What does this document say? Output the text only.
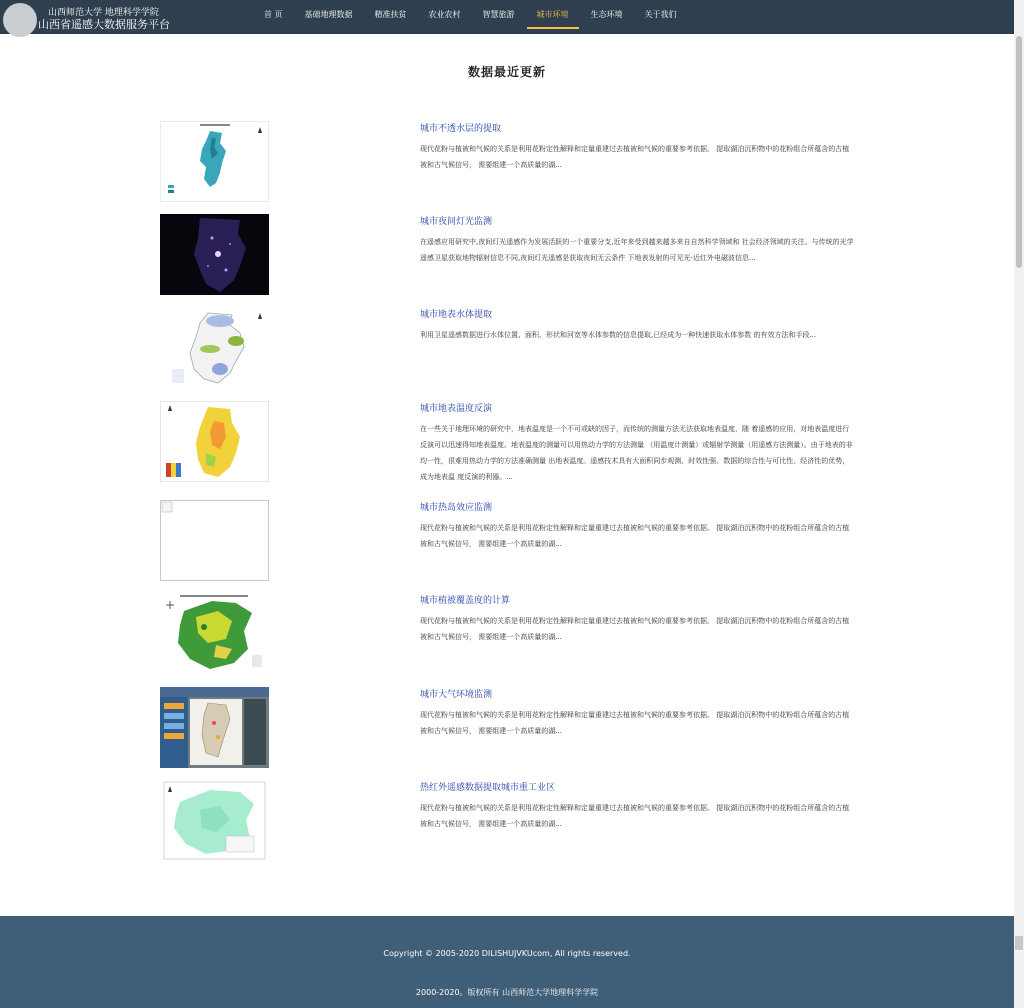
山西师范大学 地理科学学院
山西省遥感大数据服务平台
首 页	基础地理数据	精准扶贫	农业农村	智慧旅游	城市环境	生态环境	关于我们
数据最近更新
城市不透水层的提取
现代花粉与植被和气候的关系是利用花粉定性解释和定量重建过去植被和气候的重要参考依据。 提取湖泊沉积物中的花粉组合所蕴含的古植被和古气候信号， 需要组建一个高质量的湖...
城市夜间灯光监测
在遥感应用研究中,夜间灯光遥感作为发展活跃的一个重要分支,近年来受到越来越多来自自然科学领域和 社会经济领域的关注。与传统的光学遥感卫星获取地物辐射信息不同,夜间灯光遥感是获取夜间无云条件 下地表发射的可见光-近红外电磁波信息...
城市地表水体提取
利用卫星遥感数据进行水体位置、面积、形状和河宽等水体参数的信息提取,已经成为一种快速获取水体参数 的有效方法和手段...
城市地表温度反演
在一些关于地理环境的研究中，地表温度是一个不可或缺的因子，而传统的测量方法无法获取地表温度，随 着遥感的应用，对地表温度进行反演可以迅速得知地表温度。地表温度的测量可以用热动力学的方法测量 （用温度计测量）或辐射学测量（用遥感方法测量）。由于地表的非均一性，很难用热动力学的方法准确测量 出地表温度。遥感技术具有大面积同步观测、时效性强、数据的综合性与可比性、经济性的优势，成为地表温 度反演的利器。...
城市热岛效应监测
现代花粉与植被和气候的关系是利用花粉定性解释和定量重建过去植被和气候的重要参考依据。 提取湖泊沉积物中的花粉组合所蕴含的古植被和古气候信号， 需要组建一个高质量的湖...
城市植被覆盖度的计算
现代花粉与植被和气候的关系是利用花粉定性解释和定量重建过去植被和气候的重要参考依据。 提取湖泊沉积物中的花粉组合所蕴含的古植被和古气候信号， 需要组建一个高质量的湖...
城市大气环境监测
现代花粉与植被和气候的关系是利用花粉定性解释和定量重建过去植被和气候的重要参考依据。 提取湖泊沉积物中的花粉组合所蕴含的古植被和古气候信号， 需要组建一个高质量的湖...
热红外遥感数据提取城市重工业区
现代花粉与植被和气候的关系是利用花粉定性解释和定量重建过去植被和气候的重要参考依据。 提取湖泊沉积物中的花粉组合所蕴含的古植被和古气候信号， 需要组建一个高质量的湖...
Copyright © 2005-2020 DILISHUJVKUcom, All rights reserved.
2000-2020。版权所有 山西师范大学地理科学学院
